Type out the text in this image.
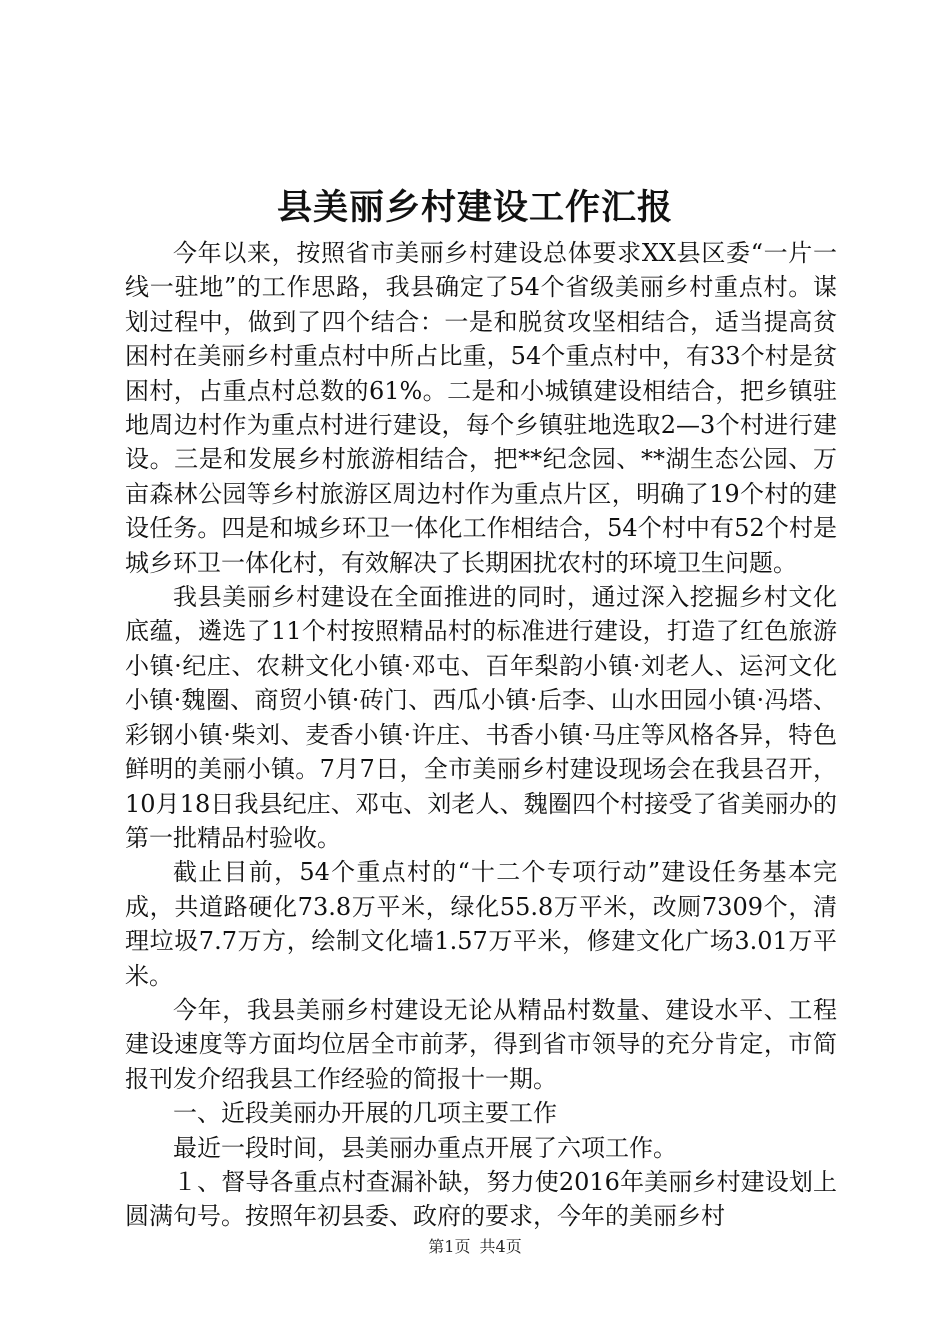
县美丽乡村建设工作汇报

今年以来，按照省市美丽乡村建设总体要求XX县区委“一片一线一驻地”的工作思路，我县确定了54个省级美丽乡村重点村。谋划过程中，做到了四个结合：一是和脱贫攻坚相结合，适当提高贫困村在美丽乡村重点村中所占比重，54个重点村中，有33个村是贫困村，占重点村总数的61%。二是和小城镇建设相结合，把乡镇驻地周边村作为重点村进行建设，每个乡镇驻地选取2—3个村进行建设。三是和发展乡村旅游相结合，把**纪念园、**湖生态公园、万亩森林公园等乡村旅游区周边村作为重点片区，明确了19个村的建设任务。四是和城乡环卫一体化工作相结合，54个村中有52个村是城乡环卫一体化村，有效解决了长期困扰农村的环境卫生问题。

我县美丽乡村建设在全面推进的同时，通过深入挖掘乡村文化底蕴，遴选了11个村按照精品村的标准进行建设，打造了红色旅游小镇·纪庄、农耕文化小镇·邓屯、百年梨韵小镇·刘老人、运河文化小镇·魏圈、商贸小镇·砖门、西瓜小镇·后李、山水田园小镇·冯塔、彩钢小镇·柴刘、麦香小镇·许庄、书香小镇·马庄等风格各异，特色鲜明的美丽小镇。7月7日，全市美丽乡村建设现场会在我县召开，10月18日我县纪庄、邓屯、刘老人、魏圈四个村接受了省美丽办的第一批精品村验收。

截止目前，54个重点村的“十二个专项行动”建设任务基本完成，共道路硬化73.8万平米，绿化55.8万平米，改厕7309个，清理垃圾7.7万方，绘制文化墙1.57万平米，修建文化广场3.01万平米。

今年，我县美丽乡村建设无论从精品村数量、建设水平、工程建设速度等方面均位居全市前茅，得到省市领导的充分肯定，市简报刊发介绍我县工作经验的简报十一期。

一、近段美丽办开展的几项主要工作

最近一段时间，县美丽办重点开展了六项工作。

１、督导各重点村查漏补缺，努力使2016年美丽乡村建设划上圆满句号。按照年初县委、政府的要求，今年的美丽乡村

第1页 共4页
